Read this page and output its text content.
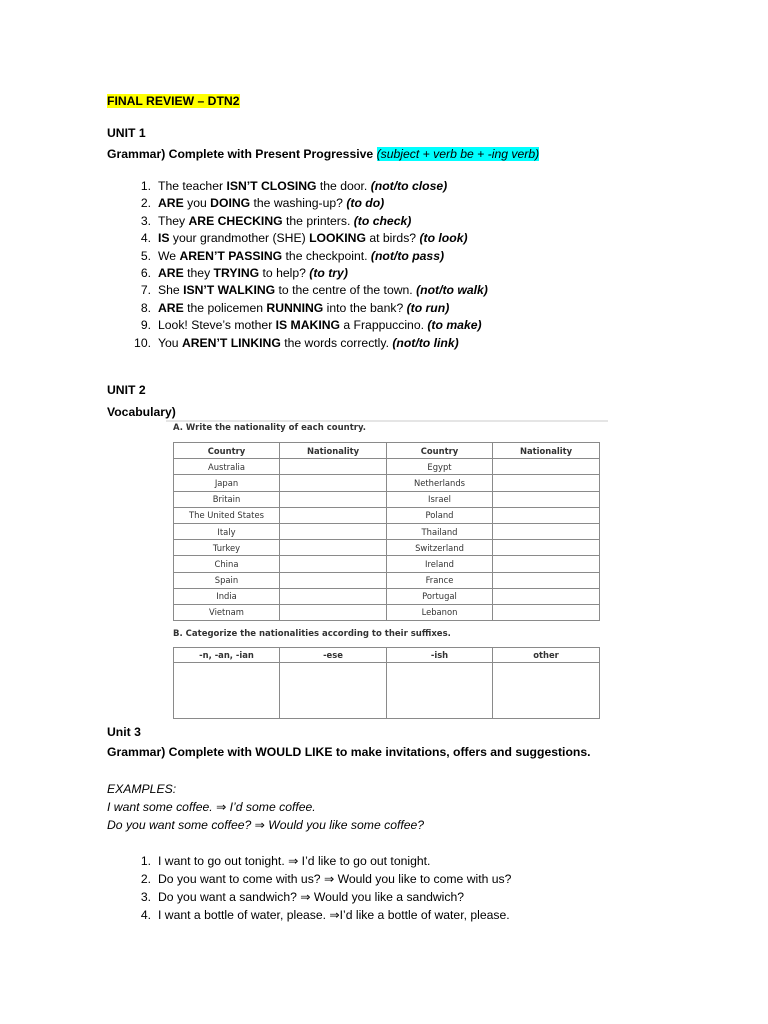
FINAL REVIEW – DTN2
UNIT 1
Grammar) Complete with Present Progressive (subject + verb be + -ing verb)
1. The teacher ISN’T CLOSING the door. (not/to close)
2. ARE you DOING the washing-up? (to do)
3. They ARE CHECKING the printers. (to check)
4. IS your grandmother (SHE) LOOKING at birds? (to look)
5. We AREN’T PASSING the checkpoint. (not/to pass)
6. ARE they TRYING to help? (to try)
7. She ISN’T WALKING to the centre of the town. (not/to walk)
8. ARE the policemen RUNNING into the bank? (to run)
9. Look! Steve’s mother IS MAKING a Frappuccino. (to make)
10. You AREN’T LINKING the words correctly. (not/to link)
UNIT 2
Vocabulary)
A. Write the nationality of each country.
Country	Nationality	Country	Nationality
Australia		Egypt	
Japan		Netherlands	
Britain		Israel	
The United States		Poland	
Italy		Thailand	
Turkey		Switzerland	
China		Ireland	
Spain		France	
India		Portugal	
Vietnam		Lebanon	
B. Categorize the nationalities according to their suffixes.
-n, -an, -ian	-ese	-ish	other

Unit 3
Grammar) Complete with WOULD LIKE to make invitations, offers and suggestions.
EXAMPLES:
I want some coffee. ⇒ I’d some coffee.
Do you want some coffee? ⇒ Would you like some coffee?
1. I want to go out tonight. ⇒ I’d like to go out tonight.
2. Do you want to come with us? ⇒ Would you like to come with us?
3. Do you want a sandwich? ⇒ Would you like a sandwich?
4. I want a bottle of water, please. ⇒I’d like a bottle of water, please.
